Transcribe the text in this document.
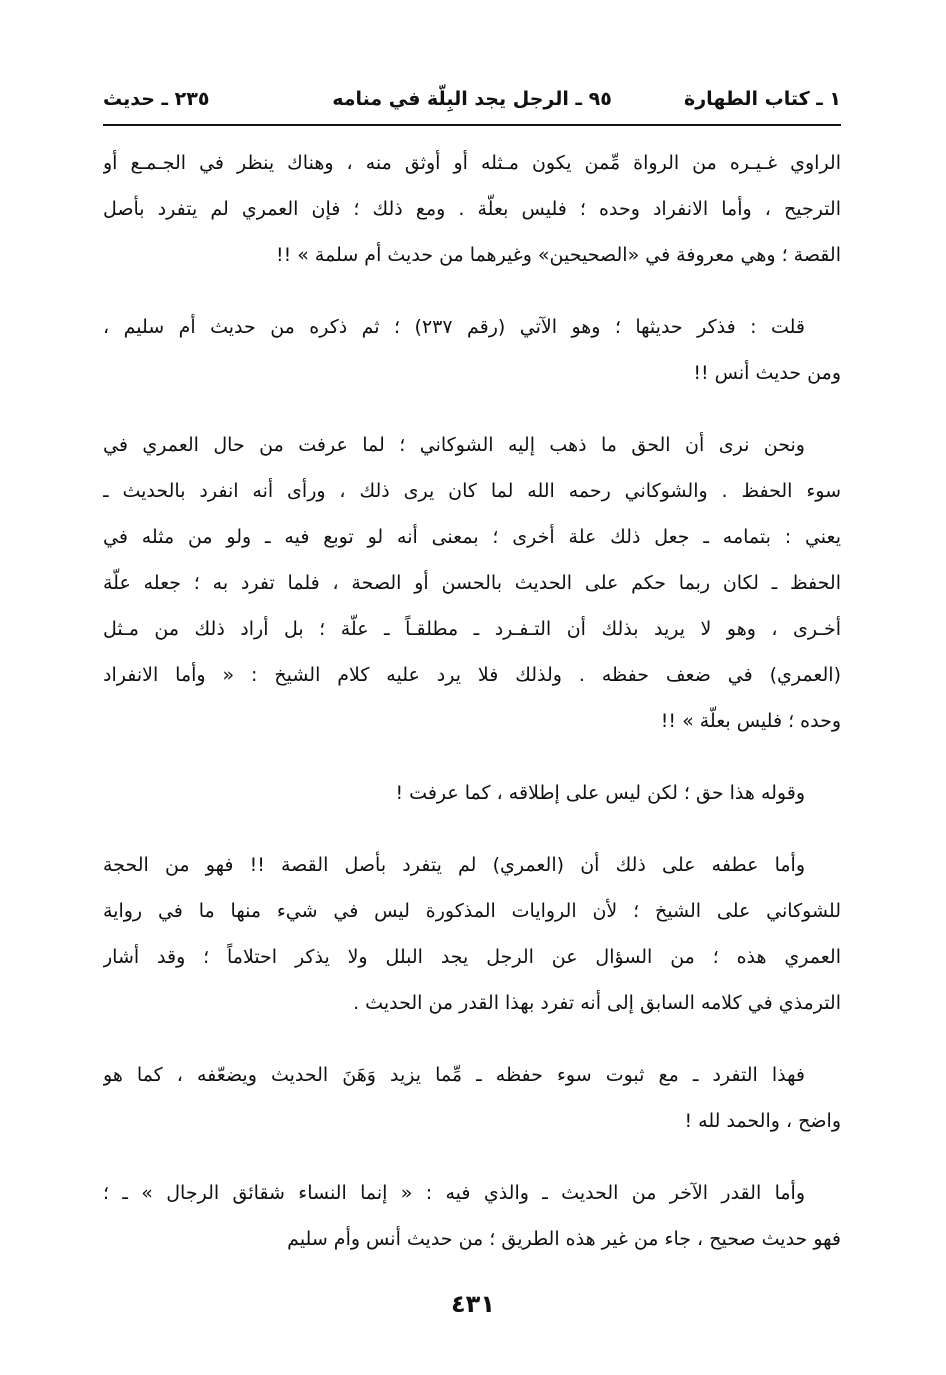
١ ـ كتاب الطهارة
٩٥ ـ الرجل يجد البِلّة في منامه
٢٣٥ ـ حديث
الراوي غـيـره من الرواة مِّمن يكون مـثله أو أوثق منه ، وهناك ينظر في الجـمـع أو
الترجيح ، وأما الانفراد وحده ؛ فليس بعلّة . ومع ذلك ؛ فإن العمري لم يتفرد بأصل
القصة ؛ وهي معروفة في «الصحيحين» وغيرهما من حديث أم سلمة » !!
قلت : فذكر حديثها ؛ وهو الآتي (رقم ٢٣٧) ؛ ثم ذكره من حديث أم سليم ،
ومن حديث أنس !!
ونحن نرى أن الحق ما ذهب إليه الشوكاني ؛ لما عرفت من حال العمري في
سوء الحفظ . والشوكاني رحمه الله لما كان يرى ذلك ، ورأى أنه انفرد بالحديث ـ
يعني : بتمامه ـ جعل ذلك علة أخرى ؛ بمعنى أنه لو توبع فيه ـ ولو من مثله في
الحفظ ـ لكان ربما حكم على الحديث بالحسن أو الصحة ، فلما تفرد به ؛ جعله علّة
أخـرى ، وهو لا يريد بذلك أن التـفـرد ـ مطلقـاً ـ علّة ؛ بل أراد ذلك من مـثل
(العمري) في ضعف حفظه . ولذلك فلا يرد عليه كلام الشيخ : « وأما الانفراد
وحده ؛ فليس بعلّة » !!
وقوله هذا حق ؛ لكن ليس على إطلاقه ، كما عرفت !
وأما عطفه على ذلك أن (العمري) لم يتفرد بأصل القصة !! فهو من الحجة
للشوكاني على الشيخ ؛ لأن الروايات المذكورة ليس في شيء منها ما في رواية
العمري هذه ؛ من السؤال عن الرجل يجد البلل ولا يذكر احتلاماً ؛ وقد أشار
الترمذي في كلامه السابق إلى أنه تفرد بهذا القدر من الحديث .
فهذا التفرد ـ مع ثبوت سوء حفظه ـ مِّما يزيد وَهَنَ الحديث ويضعّفه ، كما هو
واضح ، والحمد لله !
وأما القدر الآخر من الحديث ـ والذي فيه : « إنما النساء شقائق الرجال » ـ ؛
فهو حديث صحيح ، جاء من غير هذه الطريق ؛ من حديث أنس وأم سليم
٤٣١
